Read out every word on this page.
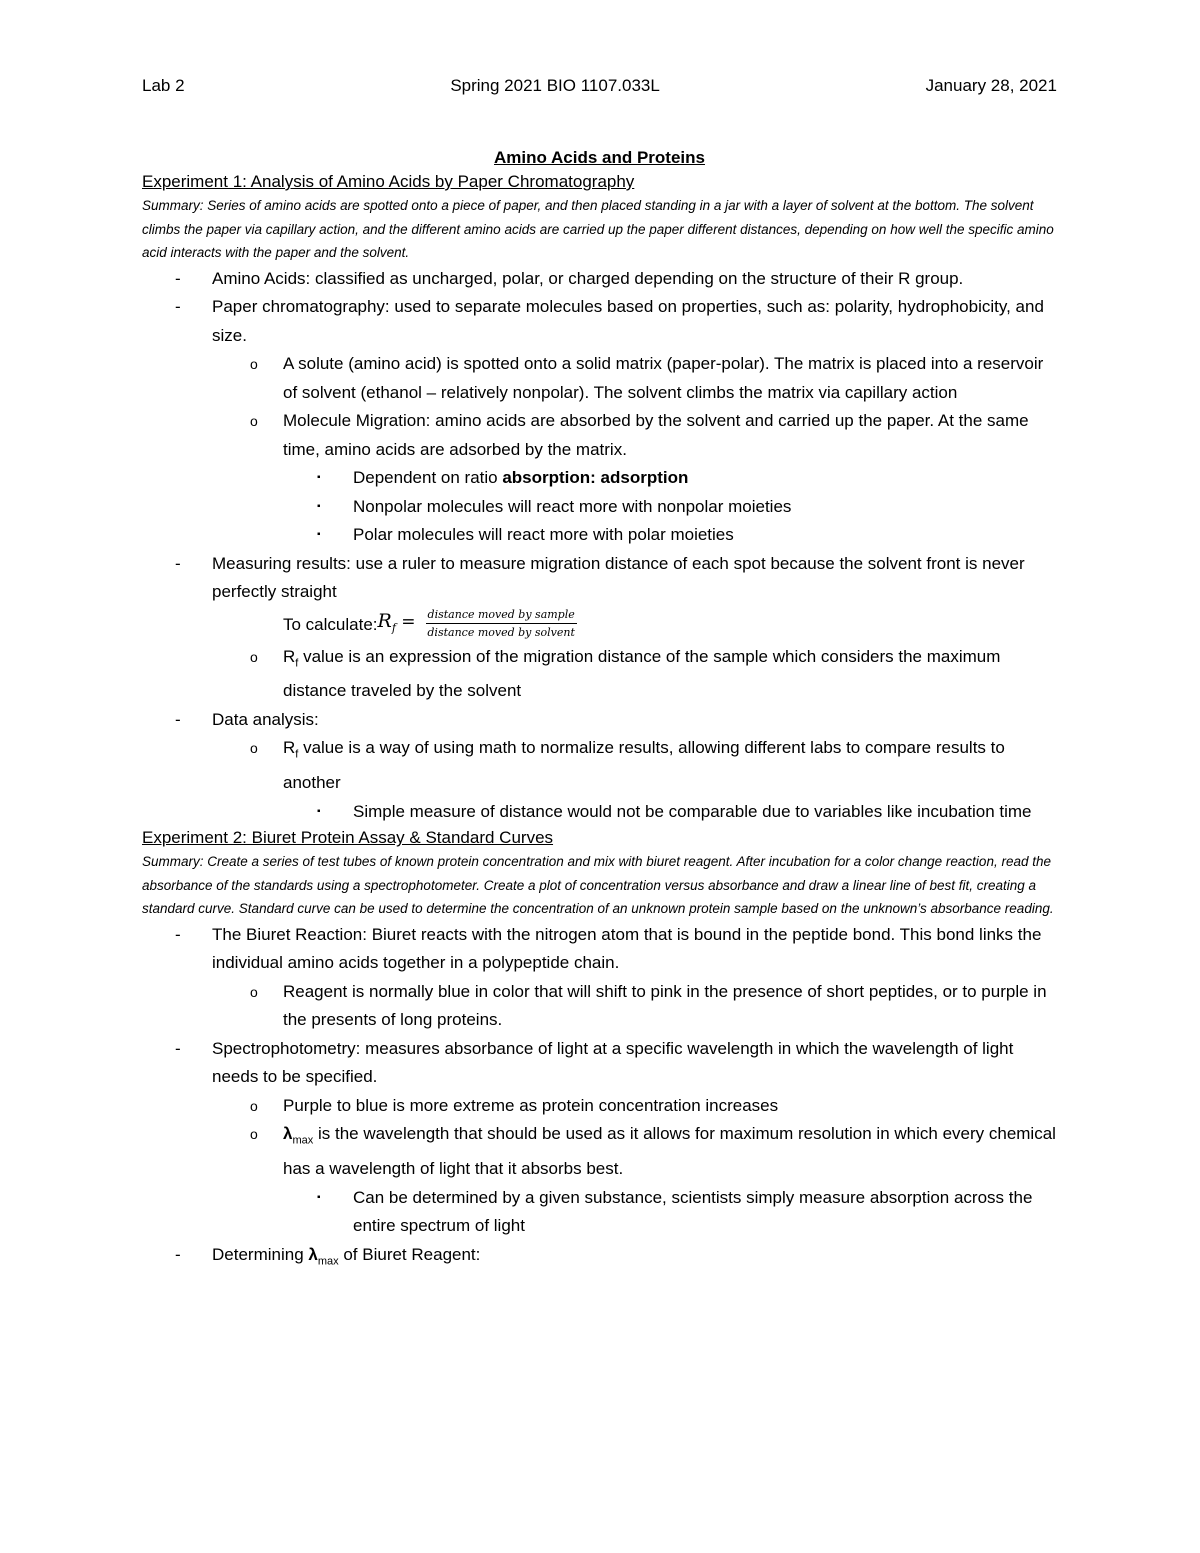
Lab 2	Spring 2021 BIO 1107.033L	January 28, 2021

Amino Acids and Proteins

Experiment 1: Analysis of Amino Acids by Paper Chromatography

Summary: Series of amino acids are spotted onto a piece of paper, and then placed standing in a jar with a layer of solvent at the bottom. The solvent climbs the paper via capillary action, and the different amino acids are carried up the paper different distances, depending on how well the specific amino acid interacts with the paper and the solvent.

- Amino Acids: classified as uncharged, polar, or charged depending on the structure of their R group.
- Paper chromatography: used to separate molecules based on properties, such as: polarity, hydrophobicity, and size.
o A solute (amino acid) is spotted onto a solid matrix (paper-polar). The matrix is placed into a reservoir of solvent (ethanol – relatively nonpolar). The solvent climbs the matrix via capillary action
o Molecule Migration: amino acids are absorbed by the solvent and carried up the paper. At the same time, amino acids are adsorbed by the matrix.
▪ Dependent on ratio absorption: adsorption
▪ Nonpolar molecules will react more with nonpolar moieties
▪ Polar molecules will react more with polar moieties
- Measuring results: use a ruler to measure migration distance of each spot because the solvent front is never perfectly straight
To calculate: $R_f = \frac{\text{distance moved by sample}}{\text{distance moved by solvent}}$
o $R_f$ value is an expression of the migration distance of the sample which considers the maximum distance traveled by the solvent
- Data analysis:
o $R_f$ value is a way of using math to normalize results, allowing different labs to compare results to another
▪ Simple measure of distance would not be comparable due to variables like incubation time

Experiment 2: Biuret Protein Assay & Standard Curves

Summary: Create a series of test tubes of known protein concentration and mix with biuret reagent. After incubation for a color change reaction, read the absorbance of the standards using a spectrophotometer. Create a plot of concentration versus absorbance and draw a linear line of best fit, creating a standard curve. Standard curve can be used to determine the concentration of an unknown protein sample based on the unknown’s absorbance reading.

- The Biuret Reaction: Biuret reacts with the nitrogen atom that is bound in the peptide bond. This bond links the individual amino acids together in a polypeptide chain.
o Reagent is normally blue in color that will shift to pink in the presence of short peptides, or to purple in the presents of long proteins.
- Spectrophotometry: measures absorbance of light at a specific wavelength in which the wavelength of light needs to be specified.
o Purple to blue is more extreme as protein concentration increases
o $\lambda_{max}$ is the wavelength that should be used as it allows for maximum resolution in which every chemical has a wavelength of light that it absorbs best.
▪ Can be determined by a given substance, scientists simply measure absorption across the entire spectrum of light
- Determining $\lambda_{max}$ of Biuret Reagent:
